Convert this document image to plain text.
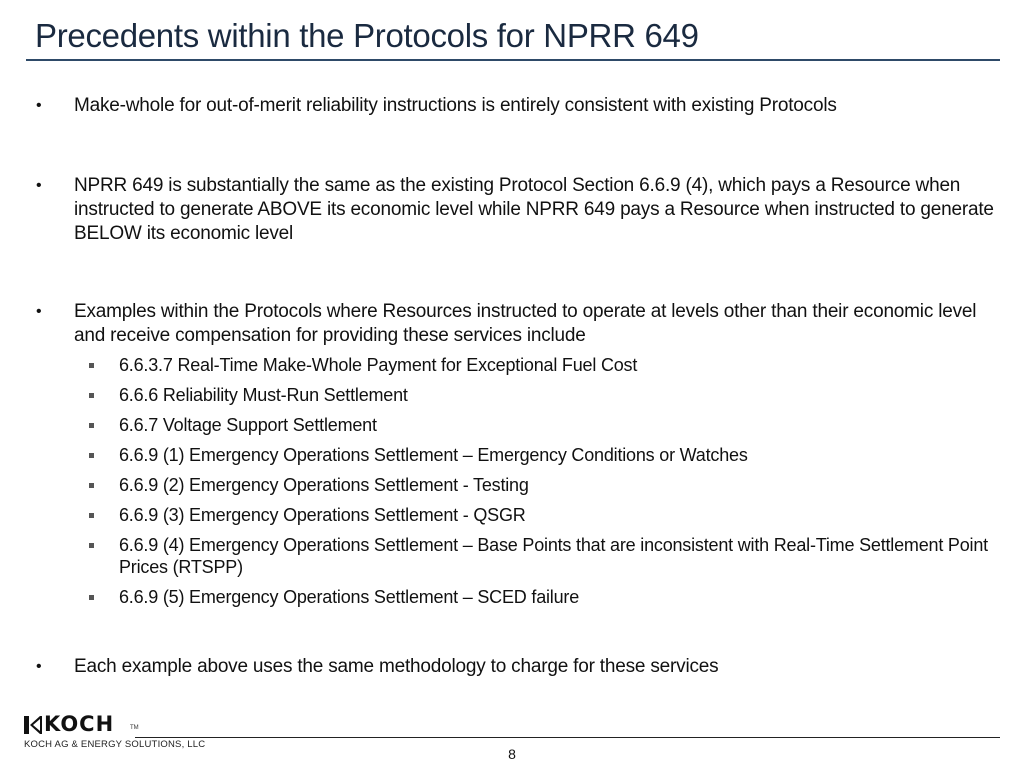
Precedents within the Protocols for NPRR 649
• Make-whole for out-of-merit reliability instructions is entirely consistent with existing Protocols
• NPRR 649 is substantially the same as the existing Protocol Section 6.6.9 (4), which pays a Resource when instructed to generate ABOVE its economic level while NPRR 649 pays a Resource when instructed to generate BELOW its economic level
• Examples within the Protocols where Resources instructed to operate at levels other than their economic level and receive compensation for providing these services include
6.6.3.7 Real-Time Make-Whole Payment for Exceptional Fuel Cost
6.6.6 Reliability Must-Run Settlement
6.6.7 Voltage Support Settlement
6.6.9 (1) Emergency Operations Settlement – Emergency Conditions or Watches
6.6.9 (2) Emergency Operations Settlement - Testing
6.6.9 (3) Emergency Operations Settlement - QSGR
6.6.9 (4) Emergency Operations Settlement – Base Points that are inconsistent with Real-Time Settlement Point Prices (RTSPP)
6.6.9 (5) Emergency Operations Settlement – SCED failure
• Each example above uses the same methodology to charge for these services
KOCH	TM
KOCH AG & ENERGY SOLUTIONS, LLC
8
